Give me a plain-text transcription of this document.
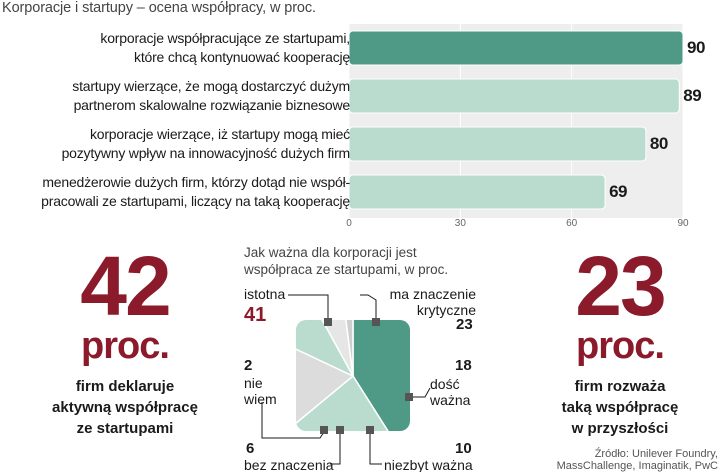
Korporacje i startupy – ocena współpracy, w proc.
korporacje współpracujące ze startupami,
które chcą kontynuować kooperację
startupy wierzące, że mogą dostarczyć dużym
partnerom skalowalne rozwiązanie biznesowe
korporacje wierzące, iż startupy mogą mieć
pozytywny wpływ na innowacyjność dużych firm
menedżerowie dużych firm, którzy dotąd nie współ-
pracowali ze startupami, liczący na taką kooperację
90
89
80
69
0	30	60	90
42
proc.
firm deklaruje
aktywną współpracę
ze startupami
23
proc.
firm rozważa
taką współpracę
w przyszłości
Jak ważna dla korporacji jest
współpraca ze startupami, w proc.
istotna
41
ma znaczenie
krytyczne
23
2
nie
wiem
18
dość
ważna
6
bez znaczenia
10
niezbyt ważna
Źródło: Unilever Foundry,
MassChallenge, Imaginatik, PwC
